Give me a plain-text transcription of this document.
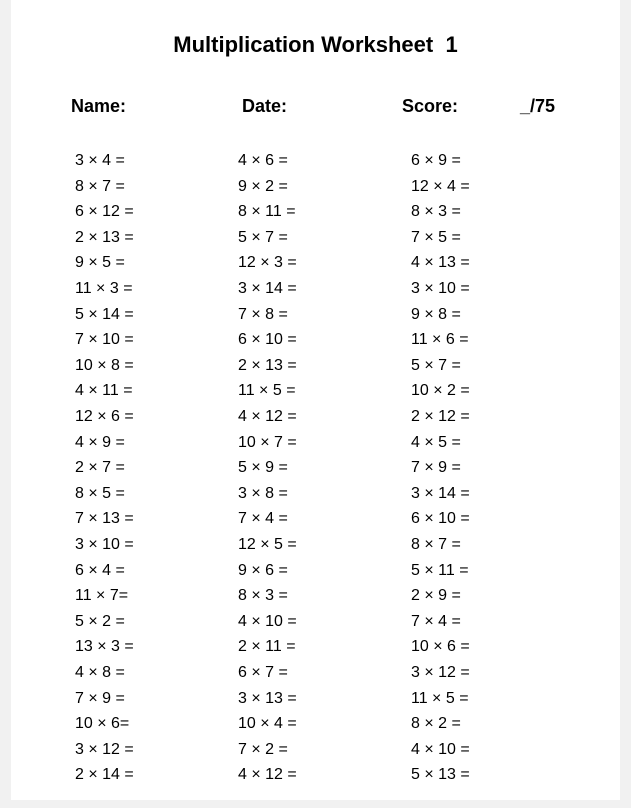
Multiplication Worksheet  1
Name:	Date:	Score:	_/75
3 × 4 =
8 × 7 =
6 × 12 =
2 × 13 =
9 × 5 =
11 × 3 =
5 × 14 =
7 × 10 =
10 × 8 =
4 × 11 =
12 × 6 =
4 × 9 =
2 × 7 =
8 × 5 =
7 × 13 =
3 × 10 =
6 × 4 =
11 × 7=
5 × 2 =
13 × 3 =
4 × 8 =
7 × 9 =
10 × 6=
3 × 12 =
2 × 14 =
4 × 6 =
9 × 2 =
8 × 11 =
5 × 7 =
12 × 3 =
3 × 14 =
7 × 8 =
6 × 10 =
2 × 13 =
11 × 5 =
4 × 12 =
10 × 7 =
5 × 9 =
3 × 8 =
7 × 4 =
12 × 5 =
9 × 6 =
8 × 3 =
4 × 10 =
2 × 11 =
6 × 7 =
3 × 13 =
10 × 4 =
7 × 2 =
4 × 12 =
6 × 9 =
12 × 4 =
8 × 3 =
7 × 5 =
4 × 13 =
3 × 10 =
9 × 8 =
11 × 6 =
5 × 7 =
10 × 2 =
2 × 12 =
4 × 5 =
7 × 9 =
3 × 14 =
6 × 10 =
8 × 7 =
5 × 11 =
2 × 9 =
7 × 4 =
10 × 6 =
3 × 12 =
11 × 5 =
8 × 2 =
4 × 10 =
5 × 13 =
